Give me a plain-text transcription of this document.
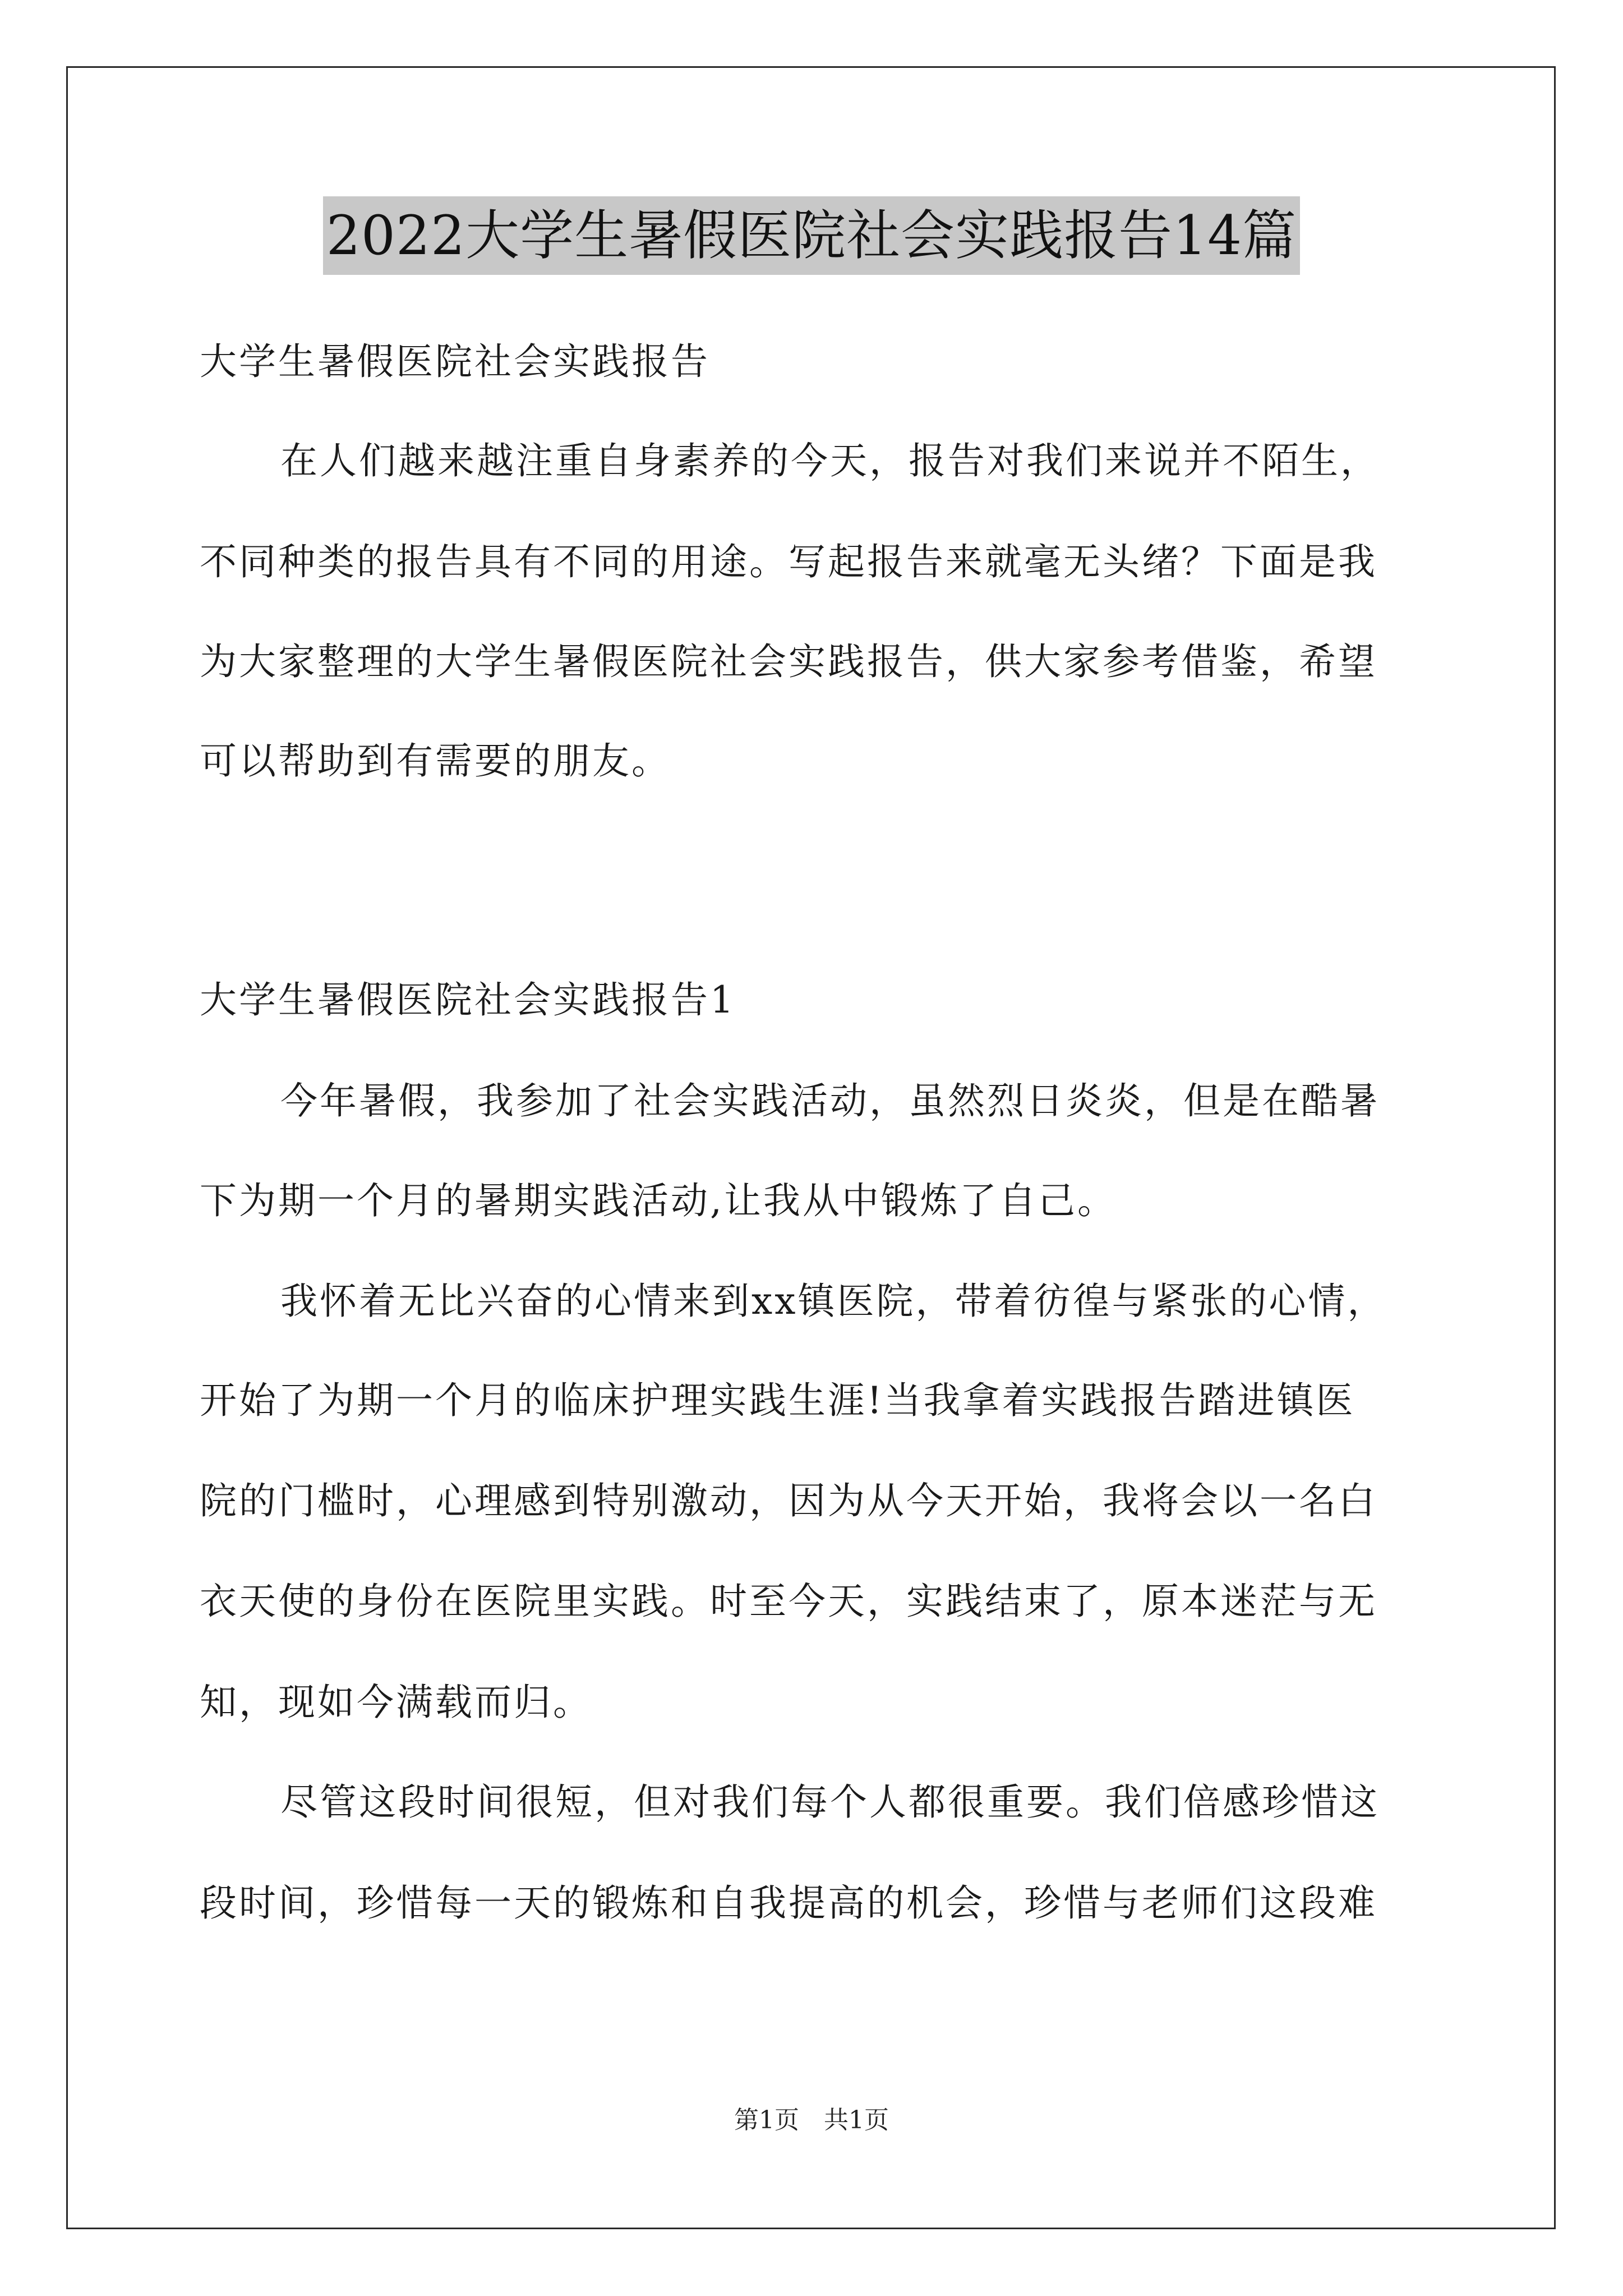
2022大学生暑假医院社会实践报告14篇
大学生暑假医院社会实践报告
在人们越来越注重自身素养的今天，报告对我们来说并不陌生，
不同种类的报告具有不同的用途。写起报告来就毫无头绪？下面是我
为大家整理的大学生暑假医院社会实践报告，供大家参考借鉴，希望
可以帮助到有需要的朋友。
大学生暑假医院社会实践报告1
今年暑假，我参加了社会实践活动，虽然烈日炎炎，但是在酷暑
下为期一个月的暑期实践活动,让我从中锻炼了自己。
我怀着无比兴奋的心情来到xx镇医院，带着彷徨与紧张的心情，
开始了为期一个月的临床护理实践生涯!当我拿着实践报告踏进镇医
院的门槛时，心理感到特别激动，因为从今天开始，我将会以一名白
衣天使的身份在医院里实践。时至今天，实践结束了，原本迷茫与无
知，现如今满载而归。
尽管这段时间很短，但对我们每个人都很重要。我们倍感珍惜这
段时间，珍惜每一天的锻炼和自我提高的机会，珍惜与老师们这段难
第1页　共1页
